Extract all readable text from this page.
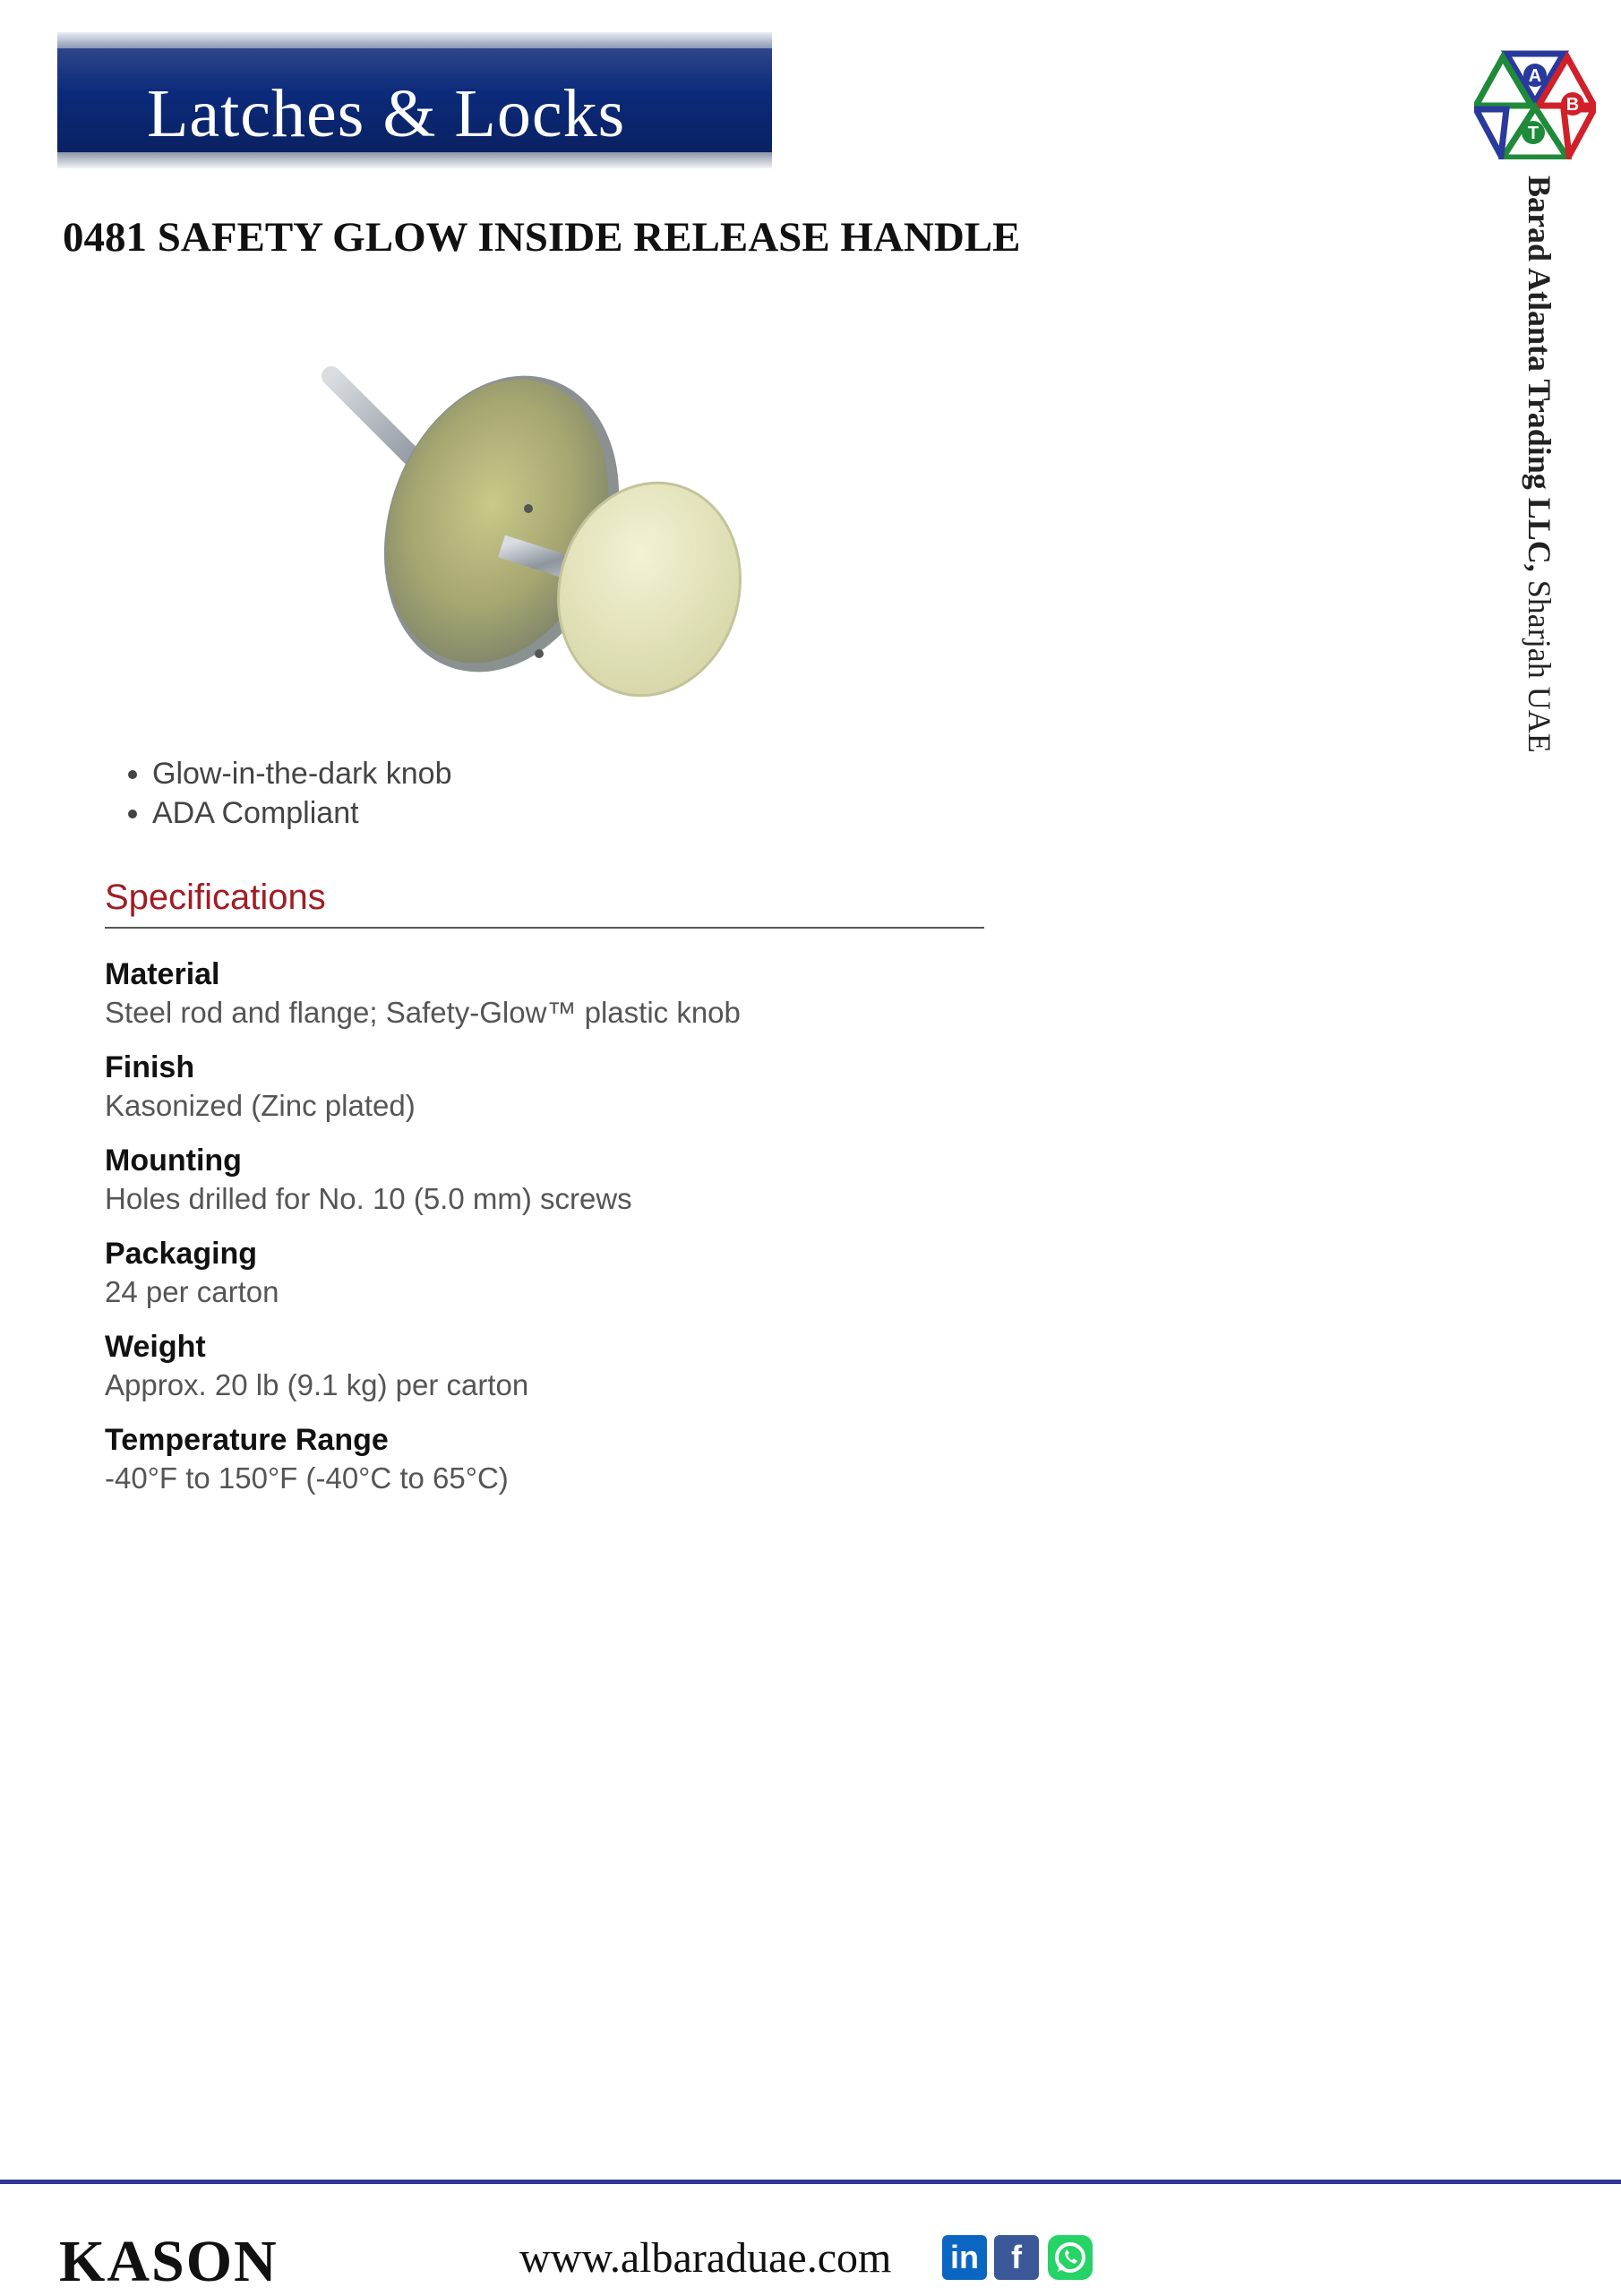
Latches & Locks	A
B
T
Barad Atlanta Trading LLC, Sharjah UAE
0481 SAFETY GLOW INSIDE RELEASE HANDLE
• Glow-in-the-dark knob
• ADA Compliant
Specifications
Material
Steel rod and flange; Safety-Glow™ plastic knob
Finish
Kasonized (Zinc plated)
Mounting
Holes drilled for No. 10 (5.0 mm) screws
Packaging
24 per carton
Weight
Approx. 20 lb (9.1 kg) per carton
Temperature Range
-40°F to 150°F (-40°C to 65°C)
KASON	www.albaraduae.com in	f
